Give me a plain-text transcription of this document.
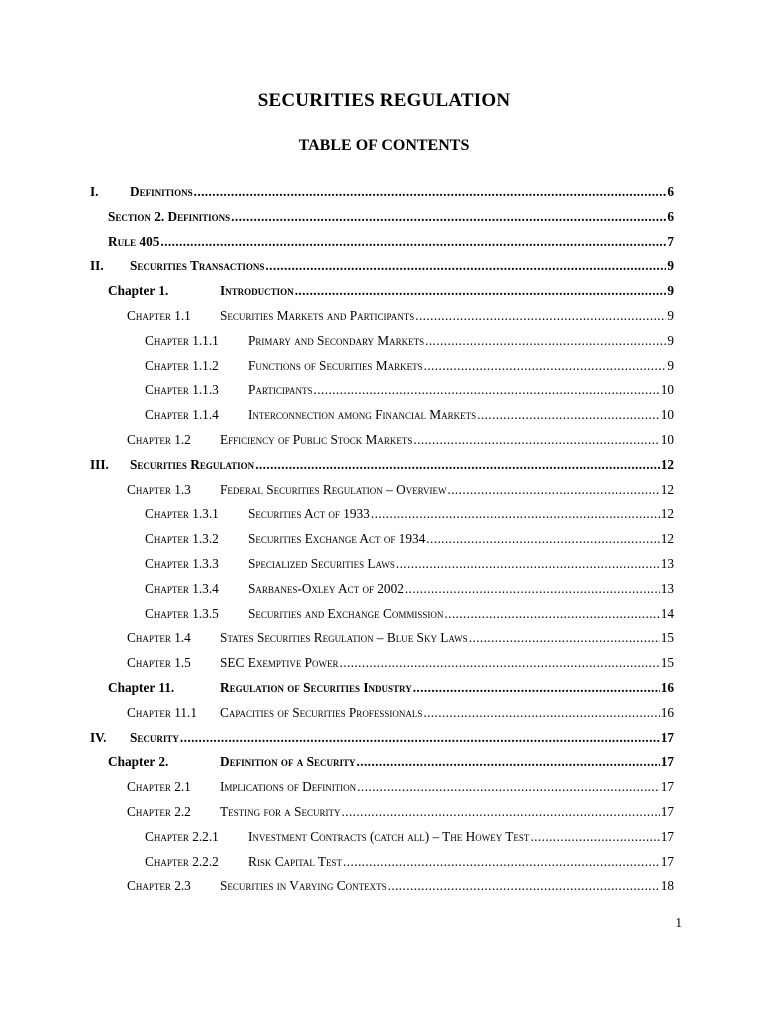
SECURITIES REGULATION
TABLE OF CONTENTS
I.	Definitions .....	6
Section 2. Definitions .....	6
Rule 405 .....	7
II.	Securities Transactions .....	9
Chapter 1.	Introduction .....	9
Chapter 1.1	Securities Markets and Participants .....	9
Chapter 1.1.1	Primary and Secondary Markets .....	9
Chapter 1.1.2	Functions of Securities Markets .....	9
Chapter 1.1.3	Participants .....	10
Chapter 1.1.4	Interconnection among Financial Markets .....	10
Chapter 1.2	Efficiency of Public Stock Markets .....	10
III.	Securities Regulation .....	12
Chapter 1.3	Federal Securities Regulation – Overview .....	12
Chapter 1.3.1	Securities Act of 1933 .....	12
Chapter 1.3.2	Securities Exchange Act of 1934 .....	12
Chapter 1.3.3	Specialized Securities Laws .....	13
Chapter 1.3.4	Sarbanes-Oxley Act of 2002 .....	13
Chapter 1.3.5	Securities and Exchange Commission .....	14
Chapter 1.4	States Securities Regulation – Blue Sky Laws .....	15
Chapter 1.5	SEC Exemptive Power .....	15
Chapter 11.	Regulation of Securities Industry .....	16
Chapter 11.1	Capacities of Securities Professionals .....	16
IV.	Security .....	17
Chapter 2.	Definition of a Security .....	17
Chapter 2.1	Implications of Definition .....	17
Chapter 2.2	Testing for a Security .....	17
Chapter 2.2.1	Investment Contracts (catch all) – The Howey Test .....	17
Chapter 2.2.2	Risk Capital Test .....	17
Chapter 2.3	Securities in Varying Contexts .....	18
1
